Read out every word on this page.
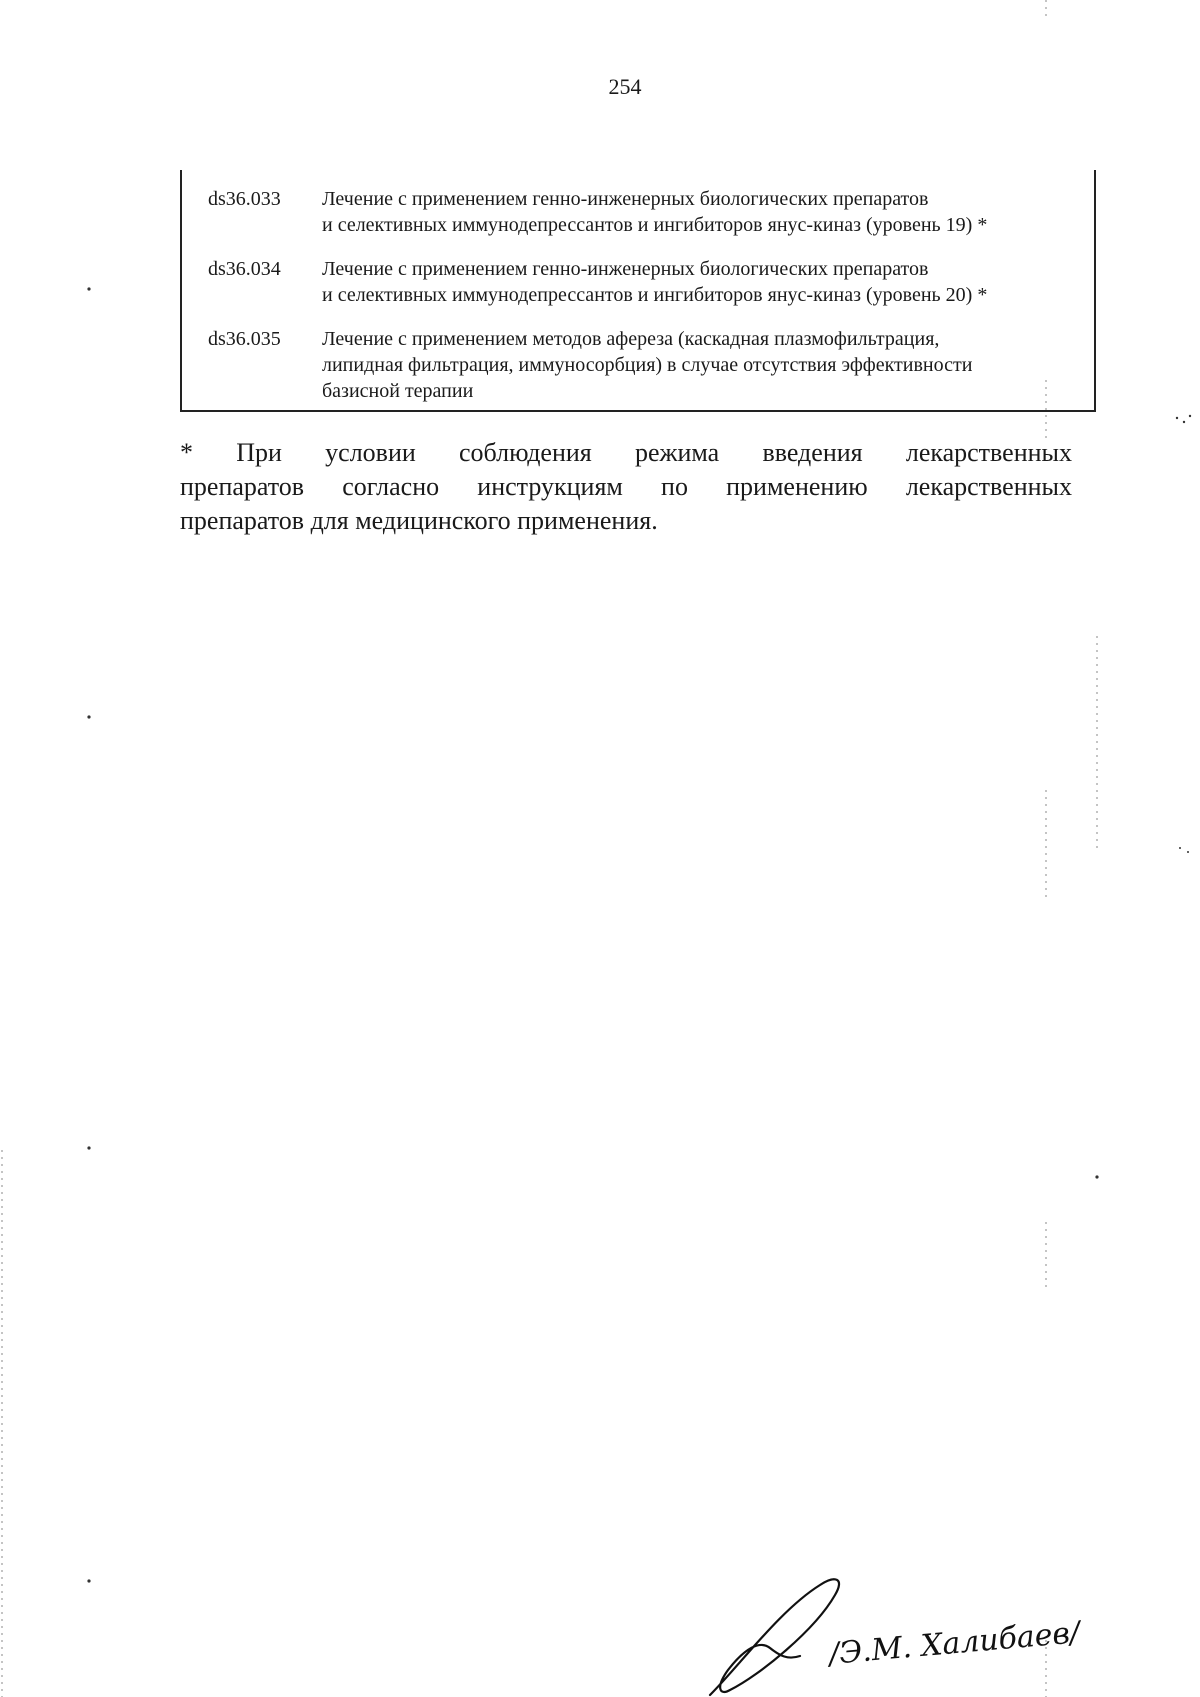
254
ds36.033	Лечение с применением генно-инженерных биологических препаратов
и селективных иммунодепрессантов и ингибиторов янус-киназ (уровень 19) *
ds36.034	Лечение с применением генно-инженерных биологических препаратов
и селективных иммунодепрессантов и ингибиторов янус-киназ (уровень 20) *
ds36.035	Лечение с применением методов афереза (каскадная плазмофильтрация,
липидная фильтрация, иммуносорбция) в случае отсутствия эффективности
базисной терапии
* При условии соблюдения режима введения лекарственных
препаратов согласно инструкциям по применению лекарственных
препаратов для медицинского применения.
/Э.М. Халибаев/
